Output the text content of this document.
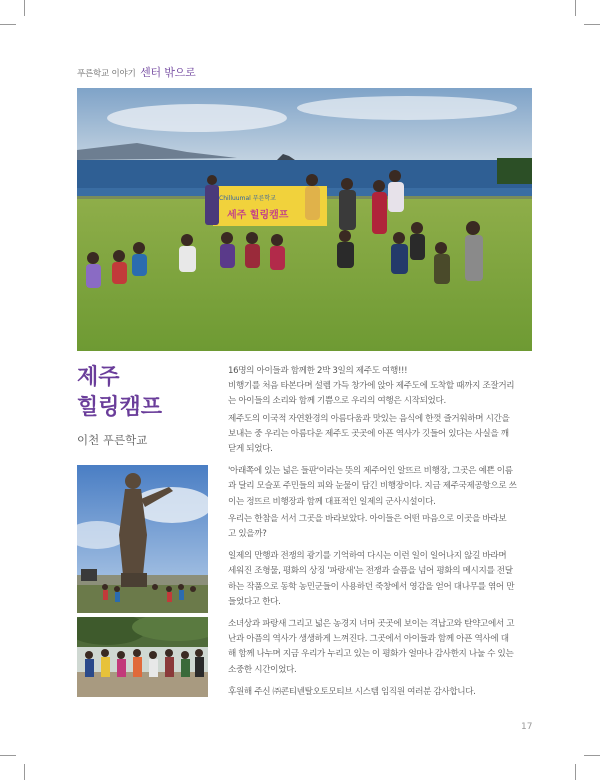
푸른학교 이야기 센터 밖으로
Chilluumal 푸른학교
세주 힐링캠프
제주
힐링캠프
이천 푸른학교

16명의 아이들과 함께한 2박 3일의 제주도 여행!!!
비행기를 처음 타본다며 설렘 가득 창가에 앉아 제주도에 도착할 때까지 조잘거리
는 아이들의 소리와 함께 기쁨으로 우리의 여행은 시작되었다.

제주도의 이국적 자연환경의 아름다움과 맛있는 음식에 한껏 즐거워하며 시간을
보내는 중 우리는 아름다운 제주도 곳곳에 아픈 역사가 깃들어 있다는 사실을 깨
닫게 되었다.

'아래쪽에 있는 넓은 들판'이라는 뜻의 제주어인 알뜨르 비행장, 그곳은 예쁜 이름
과 달리 모슬포 주민들의 피와 눈물이 담긴 비행장이다. 지금 제주국제공항으로 쓰
이는 정뜨르 비행장과 함께 대표적인 일제의 군사시설이다.

우리는 한참을 서서 그곳을 바라보았다. 아이들은 어떤 마음으로 이곳을 바라보
고 있을까?

일제의 만행과 전쟁의 광기를 기억하여 다시는 이런 일이 일어나지 않길 바라며
세워진 조형물, 평화의 상징 '파랑새'는 전쟁과 슬픔을 넘어 평화의 메시지를 전달
하는 작품으로 동학 농민군들이 사용하던 죽창에서 영감을 얻어 대나무를 엮어 만
들었다고 한다.

소녀상과 파랑새 그리고 넓은 농경지 너머 곳곳에 보이는 격납고와 탄약고에서 고
난과 아픔의 역사가 생생하게 느껴진다. 그곳에서 아이들과 함께 아픈 역사에 대
해 함께 나누며 지금 우리가 누리고 있는 이 평화가 얼마나 감사한지 나눌 수 있는
소중한 시간이었다.

후원해 주신 ㈜콘티넨탈오토모티브 시스템 임직원 여러분 감사합니다.

17
